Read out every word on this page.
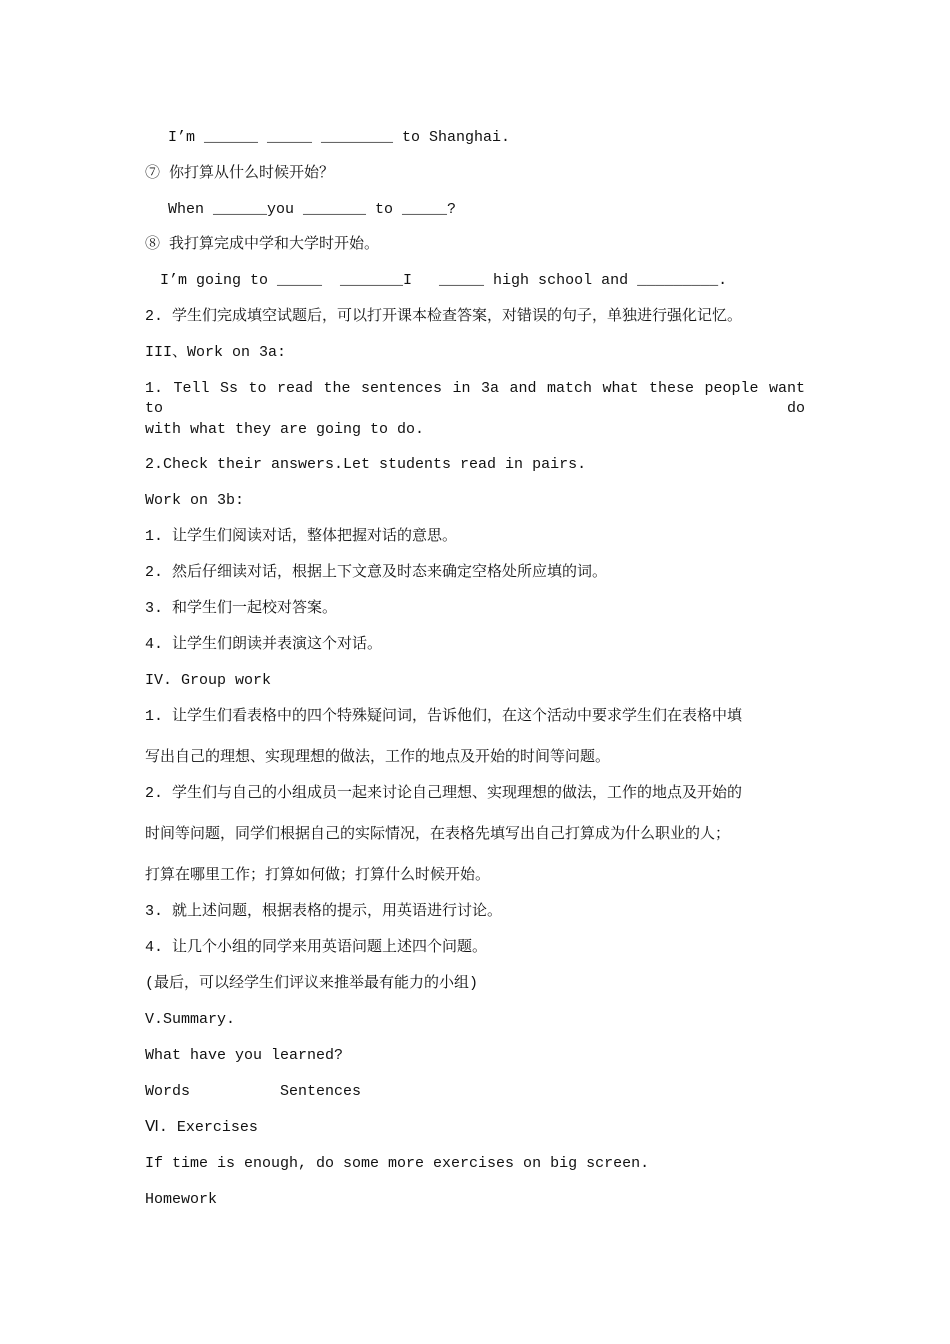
I’m ______ _____ ________ to Shanghai.
⑦ 你打算从什么时候开始？
When ______you _______ to _____?
⑧ 我打算完成中学和大学时开始。
I’m going to _____  _______I   _____ high school and _________.
2. 学生们完成填空试题后，可以打开课本检查答案，对错误的句子，单独进行强化记忆。
III、Work on 3a:
1. Tell Ss to read the sentences in 3a and match what these people want to do
with what they are going to do.
2.Check their answers.Let students read in pairs.
Work on 3b:
1. 让学生们阅读对话，整体把握对话的意思。
2. 然后仔细读对话，根据上下文意及时态来确定空格处所应填的词。
3. 和学生们一起校对答案。
4. 让学生们朗读并表演这个对话。
IV. Group work
1. 让学生们看表格中的四个特殊疑问词，告诉他们，在这个活动中要求学生们在表格中填
写出自己的理想、实现理想的做法，工作的地点及开始的时间等问题。
2. 学生们与自己的小组成员一起来讨论自己理想、实现理想的做法，工作的地点及开始的
时间等问题，同学们根据自己的实际情况，在表格先填写出自己打算成为什么职业的人；
打算在哪里工作；打算如何做；打算什么时候开始。
3. 就上述问题，根据表格的提示，用英语进行讨论。
4. 让几个小组的同学来用英语问题上述四个问题。
(最后，可以经学生们评议来推举最有能力的小组)
V.Summary.
What have you learned?
Words          Sentences
Ⅵ. Exercises
If time is enough, do some more exercises on big screen.
Homework
